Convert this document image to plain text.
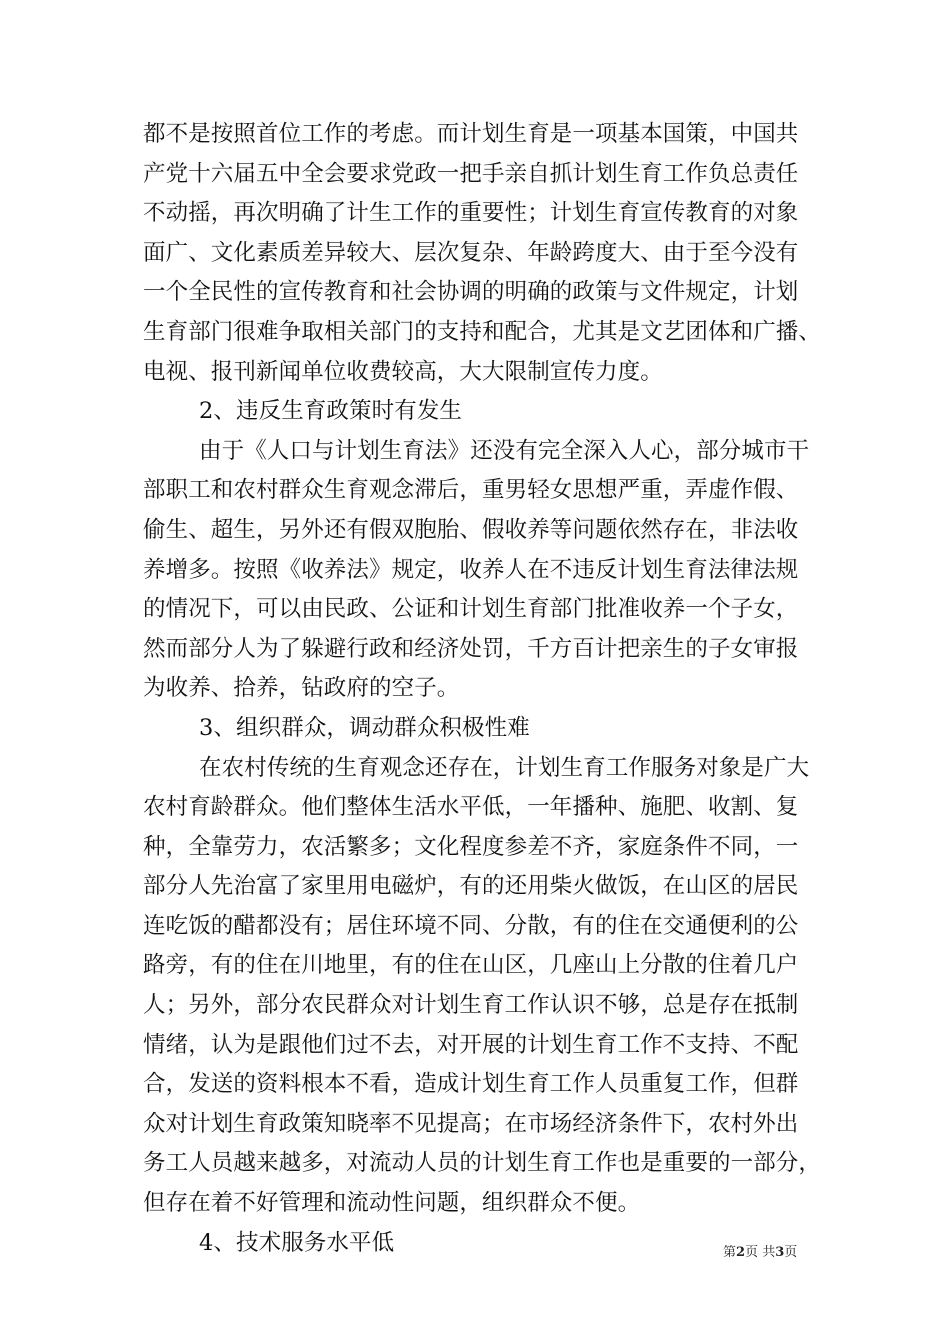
都不是按照首位工作的考虑。而计划生育是一项基本国策，中国共
产党十六届五中全会要求党政一把手亲自抓计划生育工作负总责任
不动摇，再次明确了计生工作的重要性；计划生育宣传教育的对象
面广、文化素质差异较大、层次复杂、年龄跨度大、由于至今没有
一个全民性的宣传教育和社会协调的明确的政策与文件规定，计划
生育部门很难争取相关部门的支持和配合，尤其是文艺团体和广播、
电视、报刊新闻单位收费较高，大大限制宣传力度。
2、违反生育政策时有发生
由于《人口与计划生育法》还没有完全深入人心，部分城市干
部职工和农村群众生育观念滞后，重男轻女思想严重，弄虚作假、
偷生、超生，另外还有假双胞胎、假收养等问题依然存在，非法收
养增多。按照《收养法》规定，收养人在不违反计划生育法律法规
的情况下，可以由民政、公证和计划生育部门批准收养一个子女，
然而部分人为了躲避行政和经济处罚，千方百计把亲生的子女审报
为收养、拾养，钻政府的空子。
3、组织群众，调动群众积极性难
在农村传统的生育观念还存在，计划生育工作服务对象是广大
农村育龄群众。他们整体生活水平低，一年播种、施肥、收割、复
种，全靠劳力，农活繁多；文化程度参差不齐，家庭条件不同，一
部分人先治富了家里用电磁炉，有的还用柴火做饭，在山区的居民
连吃饭的醋都没有；居住环境不同、分散，有的住在交通便利的公
路旁，有的住在川地里，有的住在山区，几座山上分散的住着几户
人；另外，部分农民群众对计划生育工作认识不够，总是存在抵制
情绪，认为是跟他们过不去，对开展的计划生育工作不支持、不配
合，发送的资料根本不看，造成计划生育工作人员重复工作，但群
众对计划生育政策知晓率不见提高；在市场经济条件下，农村外出
务工人员越来越多，对流动人员的计划生育工作也是重要的一部分，
但存在着不好管理和流动性问题，组织群众不便。
4、技术服务水平低	第2页 共3页
